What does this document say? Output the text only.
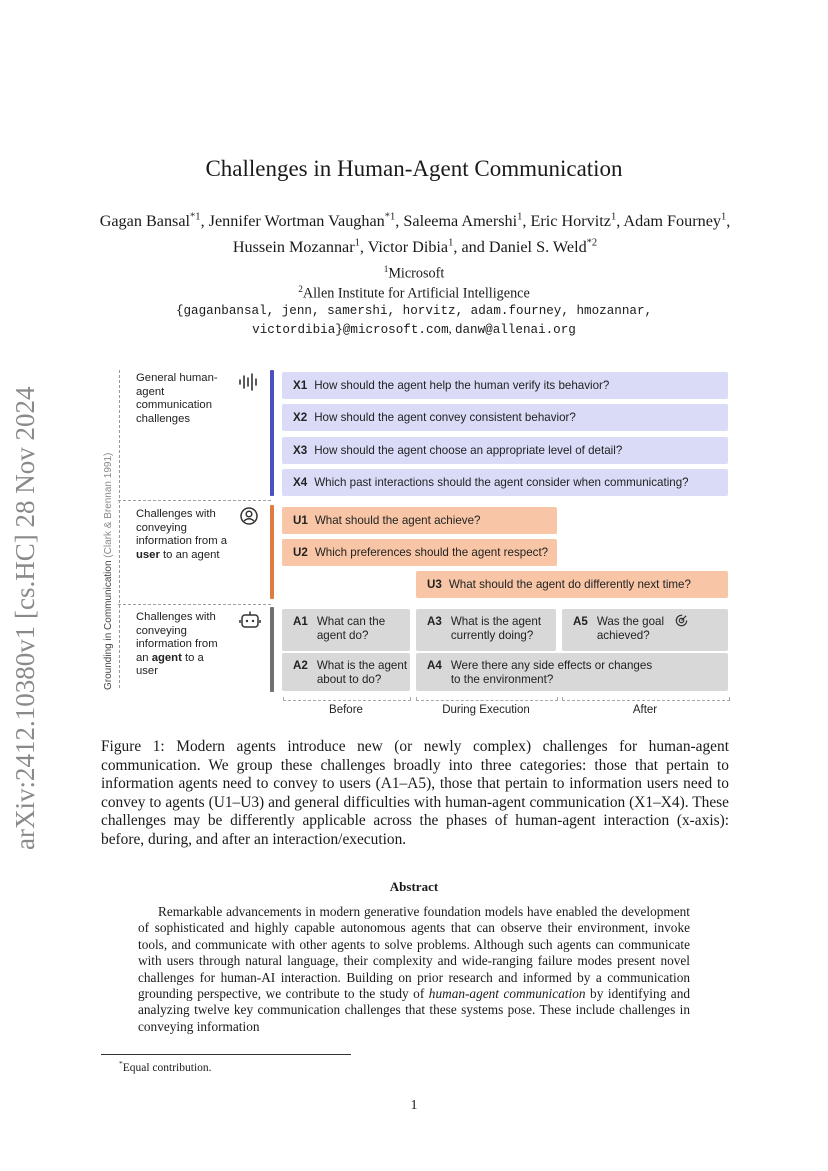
arXiv:2412.10380v1 [cs.HC] 28 Nov 2024
Challenges in Human-Agent Communication
Gagan Bansal$^{*1}$, Jennifer Wortman Vaughan$^{*1}$, Saleema Amershi$^1$, Eric Horvitz$^1$, Adam Fourney$^1$, Hussein Mozannar$^1$, Victor Dibia$^1$, and Daniel S. Weld$^{*2}$
$^1$Microsoft
$^2$Allen Institute for Artificial Intelligence
{gaganbansal, jenn, samershi, horvitz, adam.fourney, hmozannar,
victordibia}@microsoft.com, danw@allenai.org
Grounding in Communication (Clark & Brennan 1991)
General human-
agent
communication
challenges
Challenges with
conveying
information from a
user to an agent
Challenges with
conveying
information from
an agent to a
user
X1 How should the agent help the human verify its behavior?
X2 How should the agent convey consistent behavior?
X3 How should the agent choose an appropriate level of detail?
X4 Which past interactions should the agent consider when communicating?
U1 What should the agent achieve?
U2 Which preferences should the agent respect?
U3 What should the agent do differently next time?
A1 What can the
agent do?
A2 What is the agent
about to do?
A3 What is the agent
currently doing?
A4 Were there any side effects or changes
to the environment?
A5 Was the goal
achieved?
Before	During Execution	After
Figure 1: Modern agents introduce new (or newly complex) challenges for human-agent communication. We group these challenges broadly into three categories: those that pertain to information agents need to convey to users (A1–A5), those that pertain to information users need to convey to agents (U1–U3) and general difficulties with human-agent communication (X1–X4). These challenges may be differently applicable across the phases of human-agent interaction (x-axis): before, during, and after an interaction/execution.
Abstract
Remarkable advancements in modern generative foundation models have enabled the development of sophisticated and highly capable autonomous agents that can observe their environment, invoke tools, and communicate with other agents to solve problems. Although such agents can communicate with users through natural language, their complexity and wide-ranging failure modes present novel challenges for human-AI interaction. Building on prior research and informed by a communication grounding perspective, we contribute to the study of human-agent communication by identifying and analyzing twelve key communication challenges that these systems pose. These include challenges in conveying information
*Equal contribution.
1
